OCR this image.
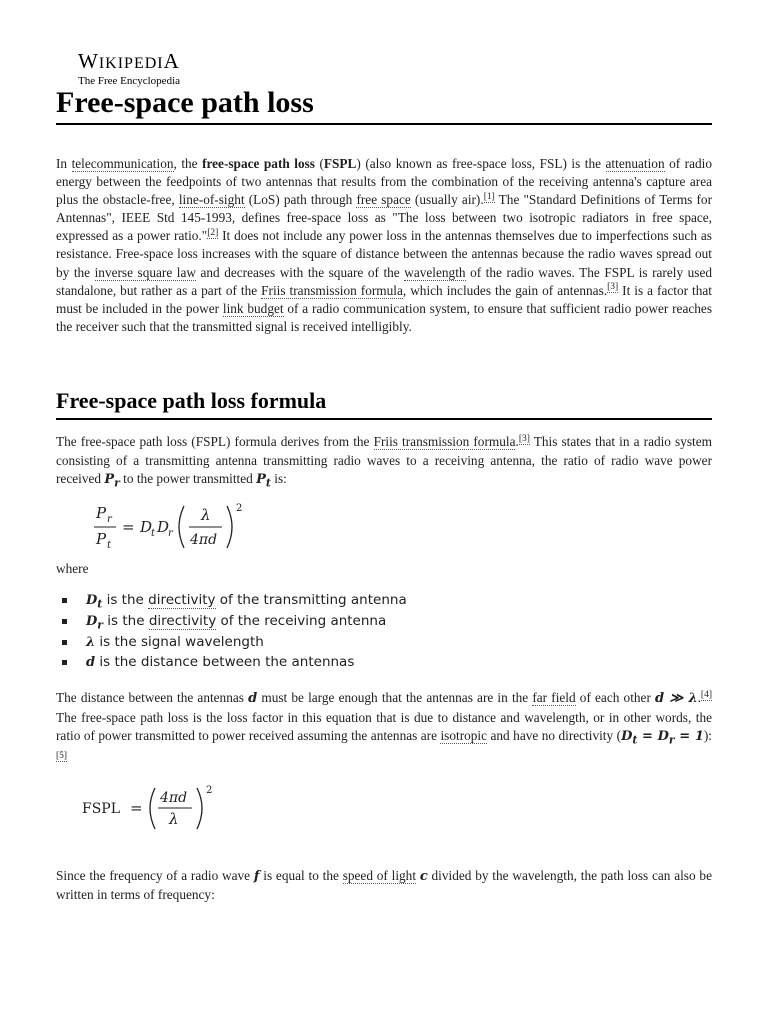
WIKIPEDIA
The Free Encyclopedia
Free-space path loss

In telecommunication, the free-space path loss (FSPL) (also known as free-space loss, FSL) is the attenuation of radio energy between the feedpoints of two antennas that results from the combination of the receiving antenna's capture area plus the obstacle-free, line-of-sight (LoS) path through free space (usually air).[1] The "Standard Definitions of Terms for Antennas", IEEE Std 145-1993, defines free-space loss as "The loss between two isotropic radiators in free space, expressed as a power ratio."[2] It does not include any power loss in the antennas themselves due to imperfections such as resistance. Free-space loss increases with the square of distance between the antennas because the radio waves spread out by the inverse square law and decreases with the square of the wavelength of the radio waves. The FSPL is rarely used standalone, but rather as a part of the Friis transmission formula, which includes the gain of antennas.[3] It is a factor that must be included in the power link budget of a radio communication system, to ensure that sufficient radio power reaches the receiver such that the transmitted signal is received intelligibly.

Free-space path loss formula

The free-space path loss (FSPL) formula derives from the Friis transmission formula.[3] This states that in a radio system consisting of a transmitting antenna transmitting radio waves to a receiving antenna, the ratio of radio wave power received $P_r$ to the power transmitted $P_t$ is:

P r
P t
= D
t D
r
λ
4πd
2
where
$D_t$ is the directivity of the transmitting antenna
$D_r$ is the directivity of the receiving antenna
λ is the signal wavelength
d is the distance between the antennas

The distance between the antennas d must be large enough that the antennas are in the far field of each other d ≫ λ.[4] The free-space path loss is the loss factor in this equation that is due to distance and wavelength, or in other words, the ratio of power transmitted to power received assuming the antennas are isotropic and have no directivity ($D_t = D_r$ = 1):[5]

FSPL =
4πd
λ
2

Since the frequency of a radio wave f is equal to the speed of light c divided by the wavelength, the path loss can also be written in terms of frequency:
